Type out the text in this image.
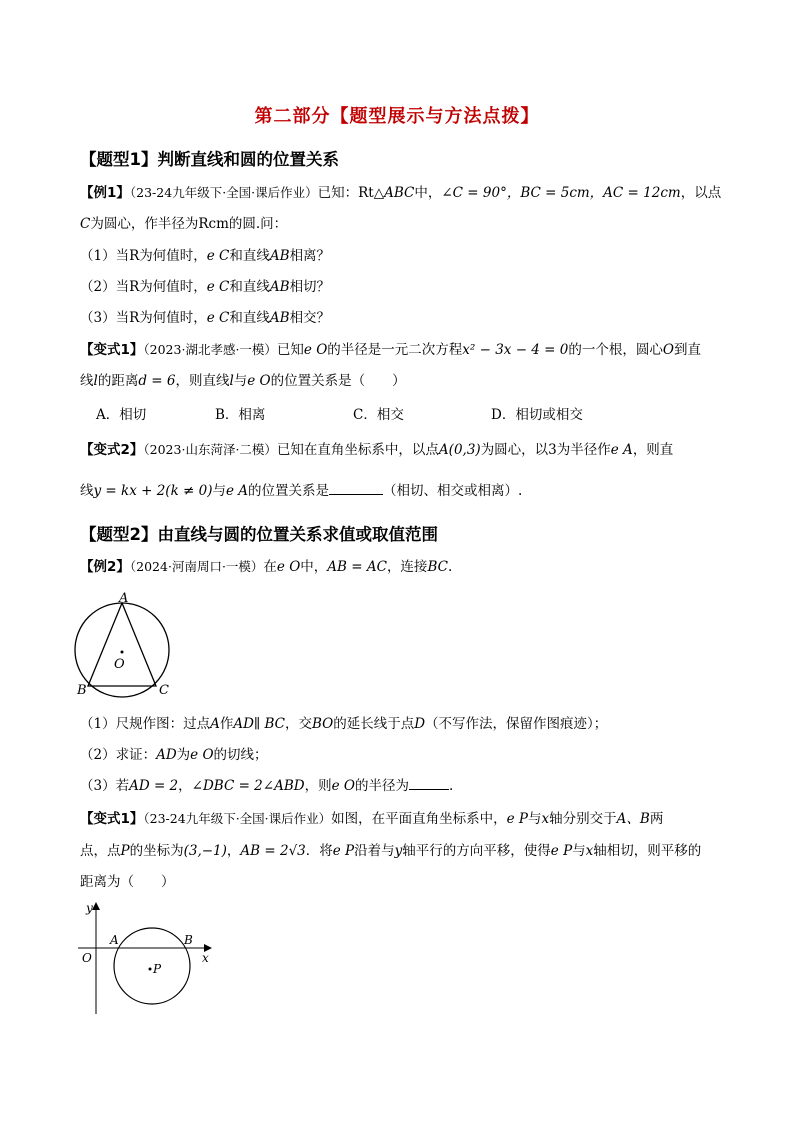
第二部分【题型展示与方法点拨】
【题型1】判断直线和圆的位置关系
【例1】（23-24九年级下·全国·课后作业）已知：Rt△ABC中，∠C = 90°，BC = 5cm，AC = 12cm，以点
C为圆心，作半径为Rcm的圆.问：
（1）当R为何值时，e C和直线AB相离？
（2）当R为何值时，e C和直线AB相切？
（3）当R为何值时，e C和直线AB相交？
【变式1】（2023·湖北孝感·一模）已知e O的半径是一元二次方程x² − 3x − 4 = 0的一个根，圆心O到直
线l的距离d = 6，则直线l与e O的位置关系是（　　）
A．相切	B．相离	C．相交	D．相切或相交
【变式2】（2023·山东菏泽·二模）已知在直角坐标系中，以点A(0,3)为圆心，以3为半径作e A，则直
线y = kx + 2(k ≠ 0)与e A的位置关系是	（相切、相交或相离）.
【题型2】由直线与圆的位置关系求值或取值范围
【例2】（2024·河南周口·一模）在e O中，AB = AC，连接BC.
A
B	C
O
（1）尺规作图：过点A作AD∥ BC，交BO的延长线于点D（不写作法，保留作图痕迹）；
（2）求证：AD为e O的切线；
（3）若AD = 2，∠DBC = 2∠ABD，则e O的半径为	.
【变式1】（23-24九年级下·全国·课后作业）如图，在平面直角坐标系中，e P与x轴分别交于A、B两
点，点P的坐标为(3,−1)，AB = 2√3．将e P沿着与y轴平行的方向平移，使得e P与x轴相切，则平移的
距离为（　　）
y
x
O
A	B
P
